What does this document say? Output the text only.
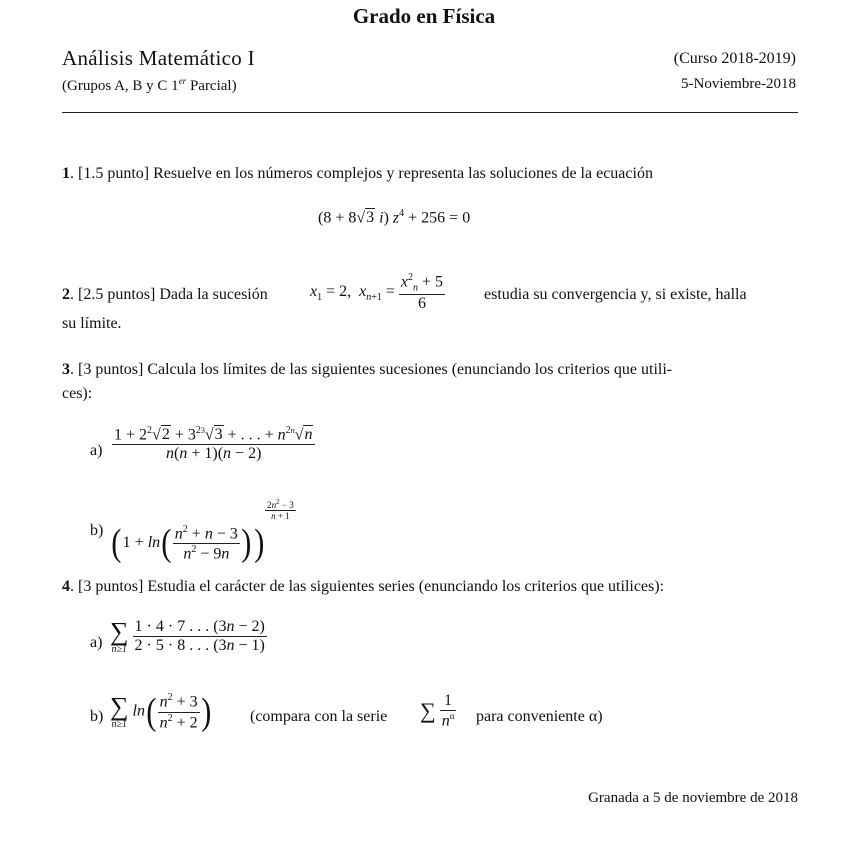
Grado en Física
Análisis Matemático I	(Curso 2018-2019)
(Grupos A, B y C 1er Parcial)	5-Noviembre-2018
1. [1.5 punto] Resuelve en los números complejos y representa las soluciones de la ecuación
(8 + 8√3 i) $z^4 + 256 = 0$
2. [2.5 puntos] Dada la sucesión	$x_1 = 2$,  $x_{n+1} = \frac{x^2_n + 5}{6}$ estudia su convergencia y, si existe, halla
su límite.
3. [3 puntos] Calcula los límites de las siguientes sucesiones (enunciando los criterios que utili-
ces):
$a) \frac{1 + 2^2√2 + 3^{23}√3 + . . . + n^{2n}√n}{n(n + 1)(n - 2)}$
b) ($1 + \ln( \frac{n^2 + n - 3}{n^2 - 9n}$ ))
$\frac{2n^2 - 3}{n + 1}$
4. [3 puntos] Estudia el carácter de las siguientes series (enunciando los criterios que utilices):
a) ∑
n≥1
$\frac{1 \cdot 4 \cdot 7 . . . (3n - 2)}{2 \cdot 5 \cdot 8 . . . (3n - 1)}$
b) ∑
n≥1
$\ln( \frac{n^2 + 3}{n^2 + 2}$ ) (compara con la serie ∑ $\frac{1}{n^\alpha}$ para conveniente α)
Granada a 5 de noviembre de 2018
